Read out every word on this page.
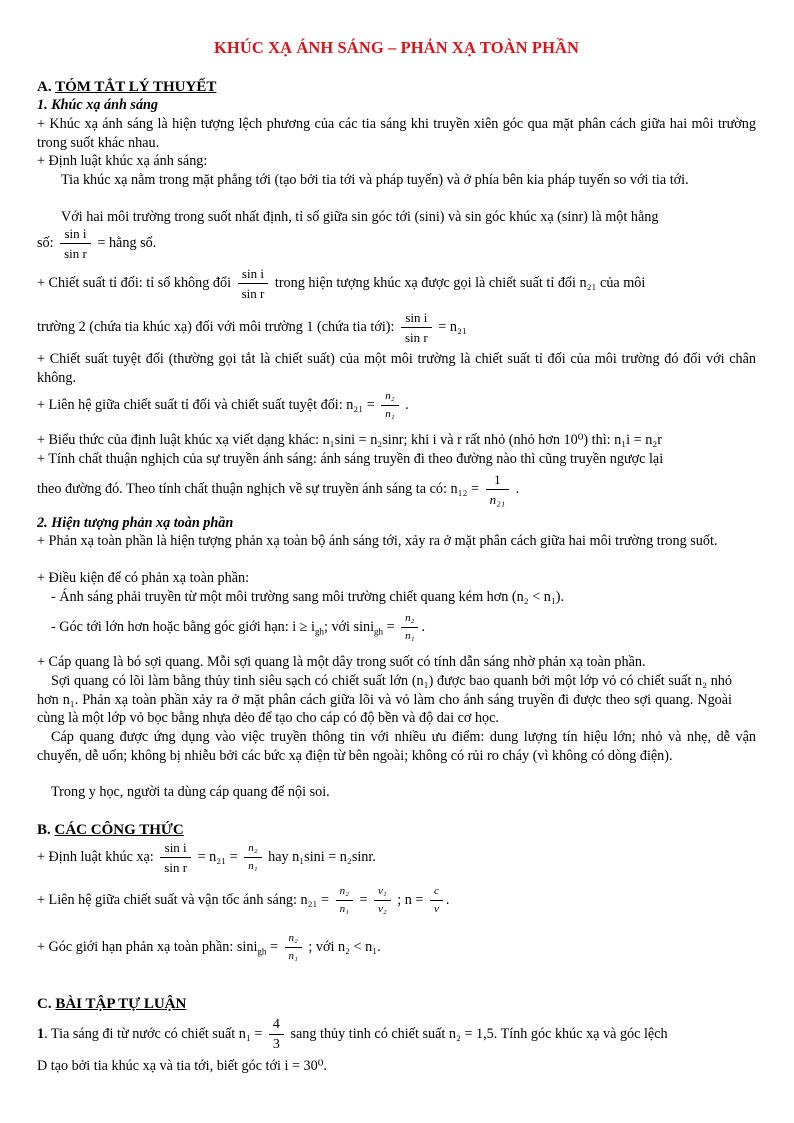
KHÚC XẠ ÁNH SÁNG – PHẢN XẠ TOÀN PHẦN
A. TÓM TẮT LÝ THUYẾT
1. Khúc xạ ánh sáng
+ Khúc xạ ánh sáng là hiện tượng lệch phương của các tia sáng khi truyền xiên góc qua mặt phân cách giữa hai môi trường trong suốt khác nhau.
+ Định luật khúc xạ ánh sáng:
Tia khúc xạ nằm trong mặt phẳng tới (tạo bởi tia tới và pháp tuyến) và ở phía bên kia pháp tuyến so với tia tới.
Với hai môi trường trong suốt nhất định, tỉ số giữa sin góc tới (sini) và sin góc khúc xạ (sinr) là một hằng
số: $\frac{\text{sin i}}{\text{sin r}}$ = hằng số.
+ Chiết suất tỉ đối: tỉ số không đổi $\frac{\text{sin i}}{\text{sin r}}$ trong hiện tượng khúc xạ được gọi là chiết suất tỉ đối n₂₁ của môi
trường 2 (chứa tia khúc xạ) đối với môi trường 1 (chứa tia tới): $\frac{\text{sin i}}{\text{sin r}} = n_{21}$
+ Chiết suất tuyệt đối (thường gọi tắt là chiết suất) của một môi trường là chiết suất tỉ đối của môi trường đó đối với chân không.
+ Liên hệ giữa chiết suất tỉ đối và chiết suất tuyệt đối: $n_{21} = \frac{\text{n₂}}{\text{n₁}}$ .
+ Biểu thức của định luật khúc xạ viết dạng khác: n₁sini = n₂sinr; khi i và r rất nhỏ (nhỏ hơn 10⁰) thì: n₁i = n₂r
+ Tính chất thuận nghịch của sự truyền ánh sáng: ánh sáng truyền đi theo đường nào thì cũng truyền ngược lại
theo đường đó. Theo tính chất thuận nghịch về sự truyền ánh sáng ta có: $n_{12} = \frac{1}{\text{n₂₁}}$ .
2. Hiện tượng phản xạ toàn phần
+ Phản xạ toàn phần là hiện tượng phản xạ toàn bộ ánh sáng tới, xảy ra ở mặt phân cách giữa hai môi trường trong suốt.
+ Điều kiện để có phản xạ toàn phần:
- Ánh sáng phải truyền từ một môi trường sang môi trường chiết quang kém hơn (n₂ < n₁).
- Góc tới lớn hơn hoặc bằng góc giới hạn: $i \ge i_{gh}$; với $\sin i_{gh} = \frac{\text{n₂}}{\text{n₁}}$ .
+ Cáp quang là bó sợi quang. Mỗi sợi quang là một dây trong suốt có tính dẫn sáng nhờ phản xạ toàn phần.
Sợi quang có lõi làm bằng thủy tinh siêu sạch có chiết suất lớn (n₁) được bao quanh bởi một lớp vỏ có chiết suất n₂ nhỏ hơn n₁. Phản xạ toàn phần xảy ra ở mặt phân cách giữa lõi và vỏ làm cho ánh sáng truyền đi được theo sợi quang. Ngoài cùng là một lớp vỏ bọc bằng nhựa dẻo để tạo cho cáp có độ bền và độ dai cơ học.
Cáp quang được ứng dụng vào việc truyền thông tin với nhiều ưu điểm: dung lượng tín hiệu lớn; nhỏ và nhẹ, dễ vận chuyển, dễ uốn; không bị nhiễu bởi các bức xạ điện từ bên ngoài; không có rủi ro cháy (vì không có dòng điện).
Trong y học, người ta dùng cáp quang để nội soi.
B. CÁC CÔNG THỨC
+ Định luật khúc xạ: $\frac{\text{sin i}}{\text{sin r}} = n_{21} = \frac{\text{n₂}}{\text{n₁}}$ hay n₁sini = n₂sinr.
+ Liên hệ giữa chiết suất và vận tốc ánh sáng: $n_{21} = \frac{\text{n₂}}{\text{n₁}} = \frac{\text{v₁}}{\text{v₂}}$ ; $n = \frac{c}{v}$ .
+ Góc giới hạn phản xạ toàn phần: $\sin i_{gh} = \frac{\text{n₂}}{\text{n₁}}$ ; với n₂ < n₁.
C. BÀI TẬP TỰ LUẬN
1. Tia sáng đi từ nước có chiết suất $n_1 = \frac{4}{3}$ sang thủy tinh có chiết suất n₂ = 1,5. Tính góc khúc xạ và góc lệch
D tạo bởi tia khúc xạ và tia tới, biết góc tới i = 30⁰.
